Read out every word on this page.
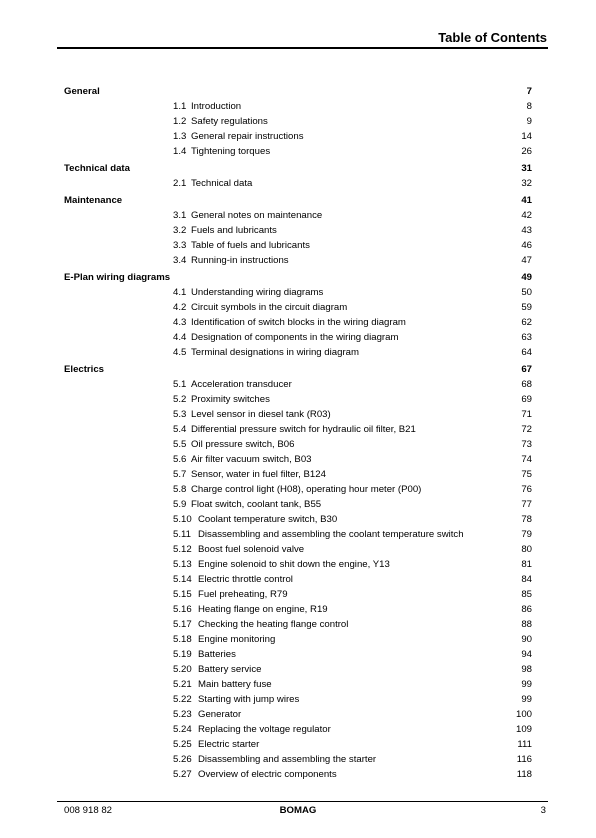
Table of Contents
General	7
1.1 Introduction	8
1.2 Safety regulations	9
1.3 General repair instructions	14
1.4 Tightening torques	26
Technical data	31
2.1 Technical data	32
Maintenance	41
3.1 General notes on maintenance	42
3.2 Fuels and lubricants	43
3.3 Table of fuels and lubricants	46
3.4 Running-in instructions	47
E-Plan wiring diagrams	49
4.1 Understanding wiring diagrams	50
4.2 Circuit symbols in the circuit diagram	59
4.3 Identification of switch blocks in the wiring diagram	62
4.4 Designation of components in the wiring diagram	63
4.5 Terminal designations in wiring diagram	64
Electrics	67
5.1 Acceleration transducer	68
5.2 Proximity switches	69
5.3 Level sensor in diesel tank (R03)	71
5.4 Differential pressure switch for hydraulic oil filter, B21	72
5.5 Oil pressure switch, B06	73
5.6 Air filter vacuum switch, B03	74
5.7 Sensor, water in fuel filter, B124	75
5.8 Charge control light (H08), operating hour meter (P00)	76
5.9 Float switch, coolant tank, B55	77
5.10 Coolant temperature switch, B30	78
5.11 Disassembling and assembling the coolant temperature switch	79
5.12 Boost fuel solenoid valve	80
5.13 Engine solenoid to shit down the engine, Y13	81
5.14 Electric throttle control	84
5.15 Fuel preheating, R79	85
5.16 Heating flange on engine, R19	86
5.17 Checking the heating flange control	88
5.18 Engine monitoring	90
5.19 Batteries	94
5.20 Battery service	98
5.21 Main battery fuse	99
5.22 Starting with jump wires	99
5.23 Generator	100
5.24 Replacing the voltage regulator	109
5.25 Electric starter	111
5.26 Disassembling and assembling the starter	116
5.27 Overview of electric components	118
008 918 82	BOMAG	3
